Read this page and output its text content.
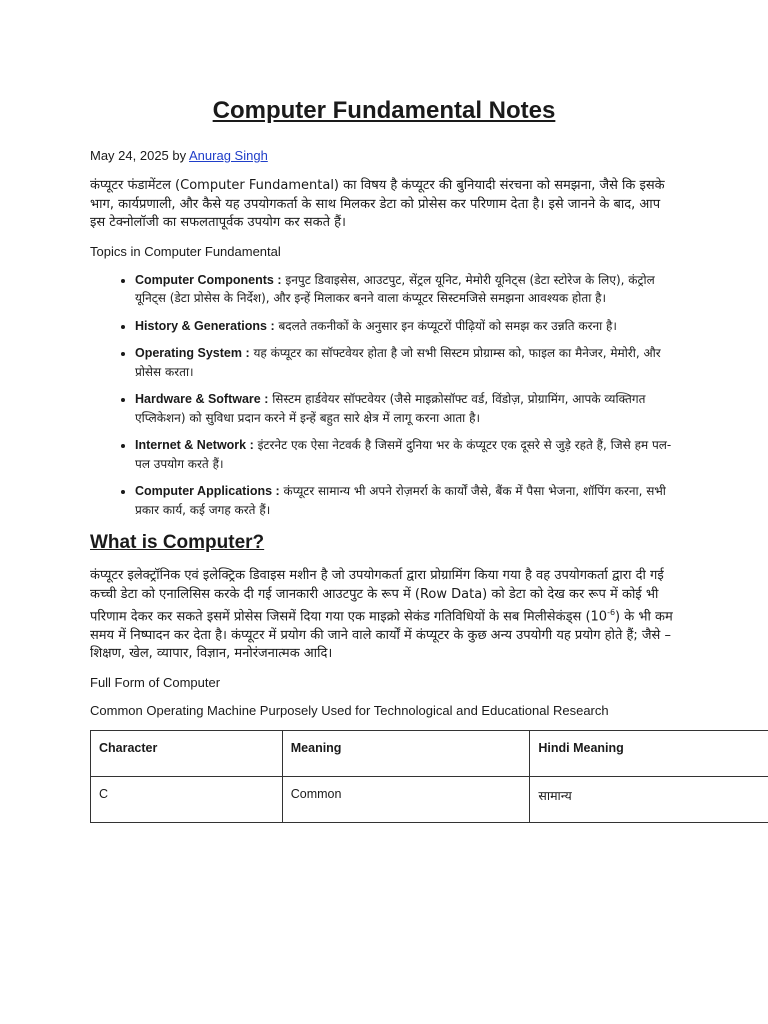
Computer Fundamental Notes
May 24, 2025 by Anurag Singh

कंप्यूटर फंडामेंटल (Computer Fundamental) का विषय है कंप्यूटर की बुनियादी संरचना को समझना, जैसे कि इसके भाग, कार्यप्रणाली, और कैसे यह उपयोगकर्ता के साथ मिलकर डेटा को प्रोसेस कर परिणाम देता है। इसे जानने के बाद, आप इस टेक्नोलॉजी का सफलतापूर्वक उपयोग कर सकते हैं।

Topics in Computer Fundamental
• Computer Components : इनपुट डिवाइसेस, आउटपुट, सेंट्रल यूनिट, मेमोरी यूनिट्स (डेटा स्टोरेज के लिए), कंट्रोल यूनिट्स (डेटा प्रोसेस के निर्देश), और इन्हें मिलाकर बनने वाला कंप्यूटर सिस्टमजिसे समझना आवश्यक होता है।
• History & Generations : बदलते तकनीकों के अनुसार इन कंप्यूटरों पीढ़ियों को समझ कर उन्नति करना है।
• Operating System : यह कंप्यूटर का सॉफ्टवेयर होता है जो सभी सिस्टम प्रोग्राम्स को, फाइल का मैनेजर, मेमोरी, और प्रोसेस करता।
• Hardware & Software : सिस्टम हार्डवेयर सॉफ्टवेयर (जैसे माइक्रोसॉफ्ट वर्ड, विंडोज़, प्रोग्रामिंग, आपके व्यक्तिगत एप्लिकेशन) को सुविधा प्रदान करने में इन्हें बहुत सारे क्षेत्र में लागू करना आता है।
• Internet & Network : इंटरनेट एक ऐसा नेटवर्क है जिसमें दुनिया भर के कंप्यूटर एक दूसरे से जुड़े रहते हैं, जिसे हम पल-पल उपयोग करते हैं।
• Computer Applications : कंप्यूटर सामान्य भी अपने रोज़मर्रा के कार्यों जैसे, बैंक में पैसा भेजना, शॉपिंग करना, सभी प्रकार कार्य, कई जगह करते हैं।
What is Computer?

कंप्यूटर इलेक्ट्रॉनिक एवं इलेक्ट्रिक डिवाइस मशीन है जो उपयोगकर्ता द्वारा प्रोग्रामिंग किया गया है वह उपयोगकर्ता द्वारा दी गई कच्ची डेटा को एनालिसिस करके दी गई जानकारी आउटपुट के रूप में (Row Data) को डेटा को देख कर रूप में कोई भी परिणाम देकर कर सकते इसमें प्रोसेस जिसमें दिया गया एक माइक्रो सेकंड गतिविधियों के सब मिलीसेकंड्स $(10^{-6})$ के भी कम समय में निष्पादन कर देता है। कंप्यूटर में प्रयोग की जाने वाले कार्यों में कंप्यूटर के कुछ अन्य उपयोगी यह प्रयोग होते हैं; जैसे – शिक्षण, खेल, व्यापार, विज्ञान, मनोरंजनात्मक आदि।

Full Form of Computer
Common Operating Machine Purposely Used for Technological and Educational Research
Character	Meaning	Hindi Meaning
C	Common	सामान्य
